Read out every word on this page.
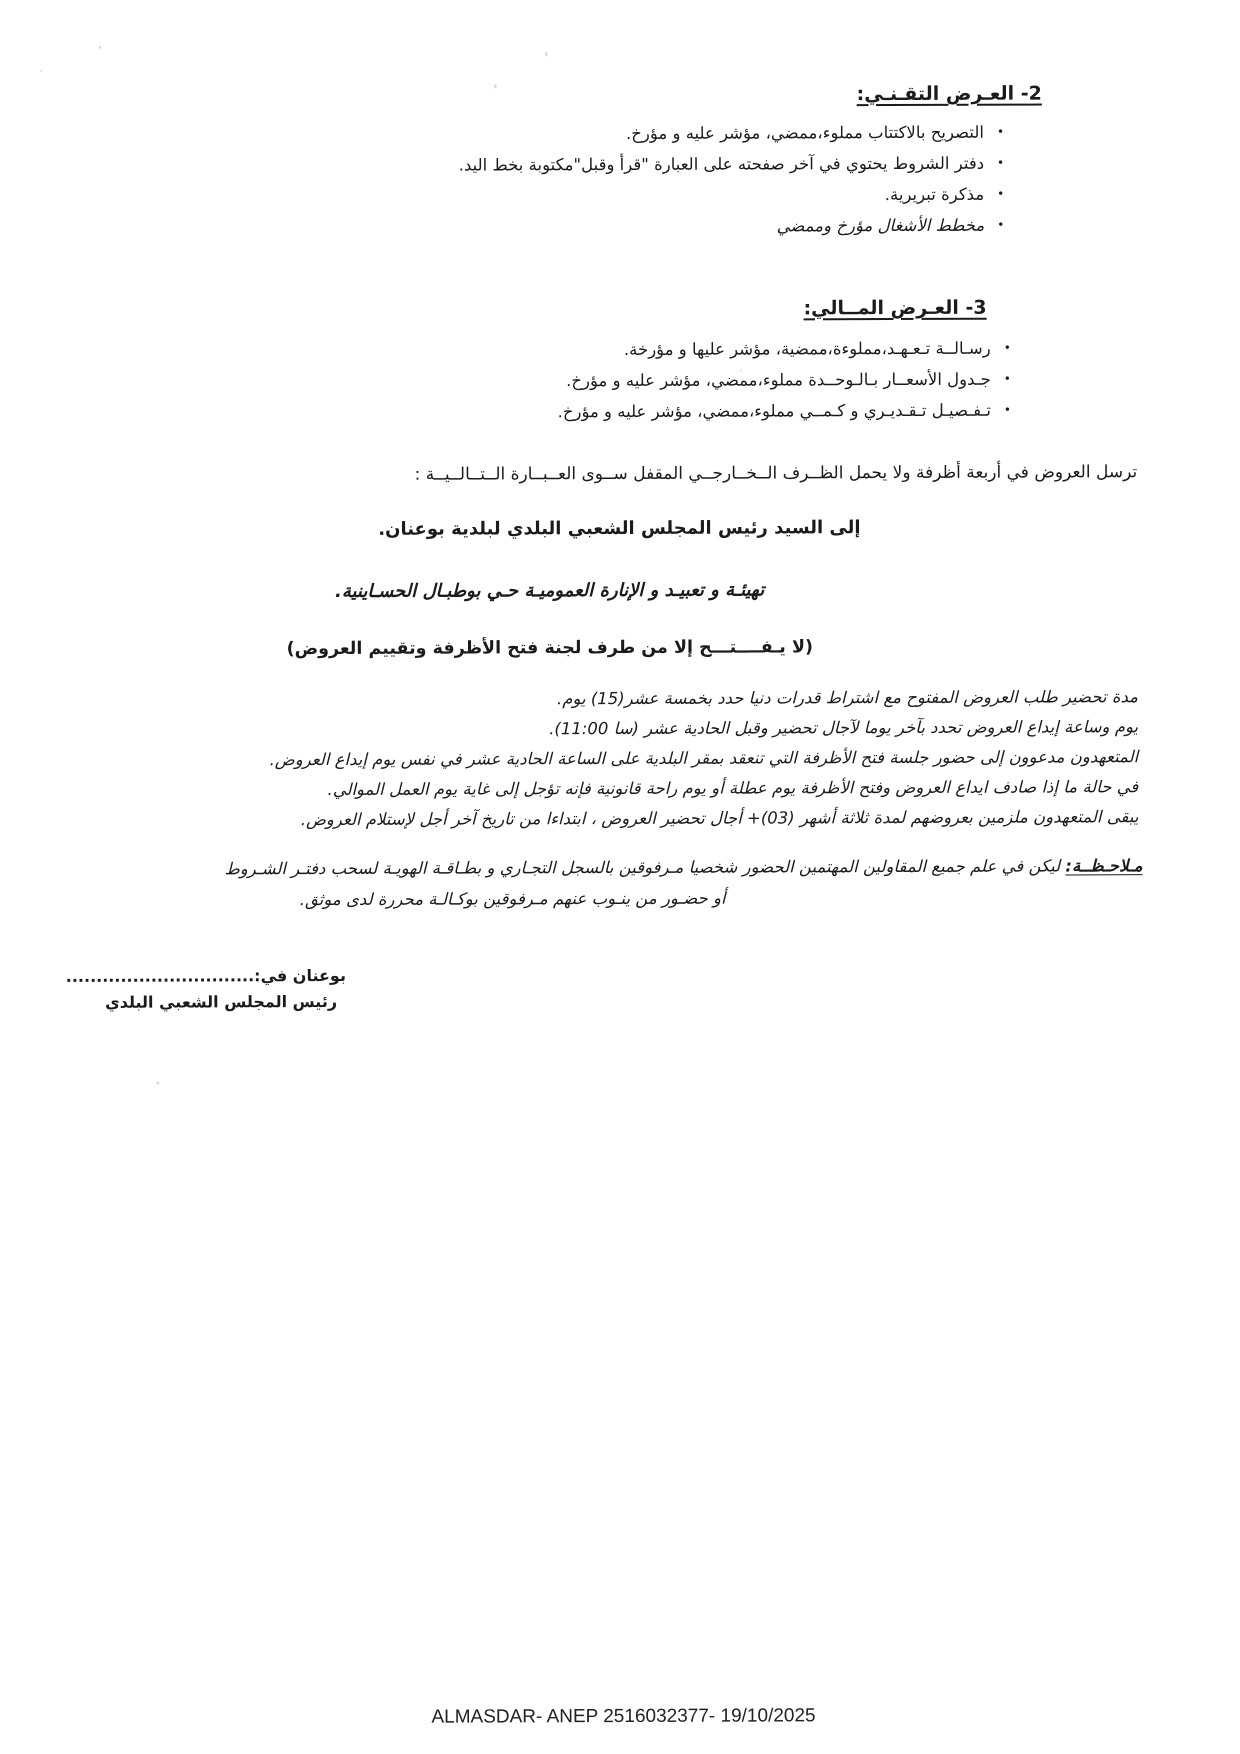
2- العـرض التقـنـي:
•التصريح بالاكتتاب مملوء،ممضي، مؤشر عليه و مؤرخ.
•دفتر الشروط يحتوي في آخر صفحته على العبارة "قرأ وقبل"مكتوبة بخط اليد.
•مذكرة تبريرية.
•مخطط الأشغال مؤرخ وممضي
3- العـرض المــالي:
•رسـالــة تـعـهـد،مملوءة،ممضية، مؤشر عليها و مؤرخة.
•جـدول الأسعــار بـالـوحــدة مملوء،ممضي، مؤشر عليه و مؤرخ.
•تـفـصيـل تـقـديـري و كـمــي مملوء،ممضي، مؤشر عليه و مؤرخ.
ترسل العروض في أربعة أظرفة ولا يحمل الظــرف الــخــارجــي المقفل ســوى العــبــارة الــتــالــيــة :
إلى السيد رئيس المجلس الشعبي البلدي لبلدية بوعنان.
تهيئـة و تعبيـد و الإنارة العموميـة حـي بوطبـال الحسـاينية.
(لا يـفــــتـــح إلا من طرف لجنة فتح الأظرفة وتقييم العروض)

مدة تحضير طلب العروض المفتوح مع اشتراط قدرات دنيا حدد بخمسة عشر(15) يوم.

يوم وساعة إيداع العروض تحدد بآخر يوما لآجال تحضير وقبل الحادية عشر (سا 11:00).

المتعهدون مدعوون إلى حضور جلسة فتح الأظرفة التي تنعقد بمقر البلدية على الساعة الحادية عشر في نفس يوم إيداع العروض.

في حالة ما إذا صادف ايداع العروض وفتح الأظرفة يوم عطلة أو يوم راحة قانونية فإنه تؤجل إلى غاية يوم العمل الموالي.

يبقى المتعهدون ملزمين بعروضهم لمدة ثلاثة أشهر (03)+ أجال تحضير العروض ، ابتداءا من تاريخ آخر أجل لإستلام العروض.

مـلاحـظــة: ليكن في علم جميع المقاولين المهتمين الحضور شخصيا مـرفوقين بالسجل التجـاري و بطـاقـة الهويـة لسحب دفتـر الشـروط
أو حضـور من ينـوب عنهم مـرفوقين بوكـالـة محررة لدى موثق.
بوعنان في:...............................
رئيس المجلس الشعبي البلدي
ALMASDAR- ANEP 2516032377- 19/10/2025
